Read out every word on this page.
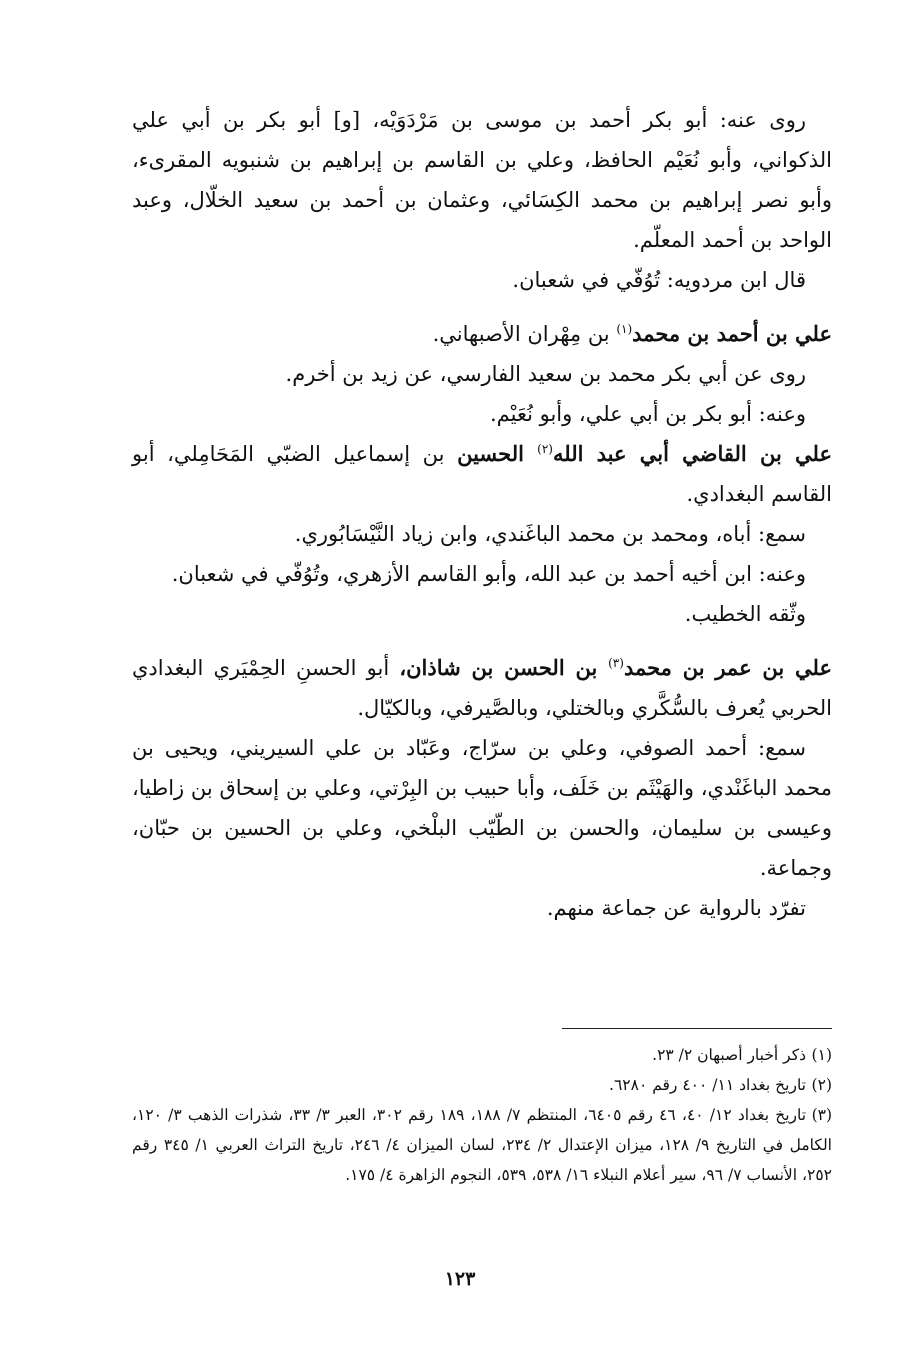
روى عنه: أبو بكر أحمد بن موسى بن مَرْدَوَيْه، [و] أبو بكر بن أبي علي الذكواني، وأبو نُعَيْم الحافظ، وعلي بن القاسم بن إبراهيم بن شنبويه المقرىء، وأبو نصر إبراهيم بن محمد الكِسَائي، وعثمان بن أحمد بن سعيد الخلّال، وعبد الواحد بن أحمد المعلّم.

قال ابن مردويه: تُوُفّي في شعبان.

علي بن أحمد بن محمد$^{(١)}$ بن مِهْران الأصبهاني.

روى عن أبي بكر محمد بن سعيد الفارسي، عن زيد بن أخرم.

وعنه: أبو بكر بن أبي علي، وأبو نُعَيْم.

علي بن القاضي أبي عبد الله$^{(٢)}$ الحسين بن إسماعيل الضبّي المَحَامِلي، أبو القاسم البغدادي.

سمع: أباه، ومحمد بن محمد الباغَندي، وابن زياد النَّيْسَابُوري.

وعنه: ابن أخيه أحمد بن عبد الله، وأبو القاسم الأزهري، وتُوُفّي في شعبان.

وثّقه الخطيب.

علي بن عمر بن محمد$^{(٣)}$ بن الحسن بن شاذان، أبو الحسنِ الحِمْيَري البغدادي الحربي يُعرف بالسُّكَّري وبالختلي، وبالصَّيرفي، وبالكيّال.

سمع: أحمد الصوفي، وعلي بن سرّاج، وعَبّاد بن علي السيريني، ويحيى بن محمد الباغَنْدي، والهَيْثَم بن خَلَف، وأبا حبيب بن البِرْتي، وعلي بن إسحاق بن زاطيا، وعيسى بن سليمان، والحسن بن الطّيّب البلْخي، وعلي بن الحسين بن حبّان، وجماعة.

تفرّد بالرواية عن جماعة منهم.

(١)ذكر أخبار أصبهان ٢/ ٢٣.

(٢)تاريخ بغداد ١١/ ٤٠٠ رقم ٦٢٨٠.

(٣)تاريخ بغداد ١٢/ ٤٠، ٤٦ رقم ٦٤٠٥، المنتظم ٧/ ١٨٨، ١٨٩ رقم ٣٠٢، العبر ٣/ ٣٣، شذرات الذهب ٣/ ١٢٠، الكامل في التاريخ ٩/ ١٢٨، ميزان الإعتدال ٢/ ٢٣٤، لسان الميزان ٤/ ٢٤٦، تاريخ التراث العربي ١/ ٣٤٥ رقم ٢٥٢، الأنساب ٧/ ٩٦، سير أعلام النبلاء ١٦/ ٥٣٨، ٥٣٩، النجوم الزاهرة ٤/ ١٧٥.

١٢٣
